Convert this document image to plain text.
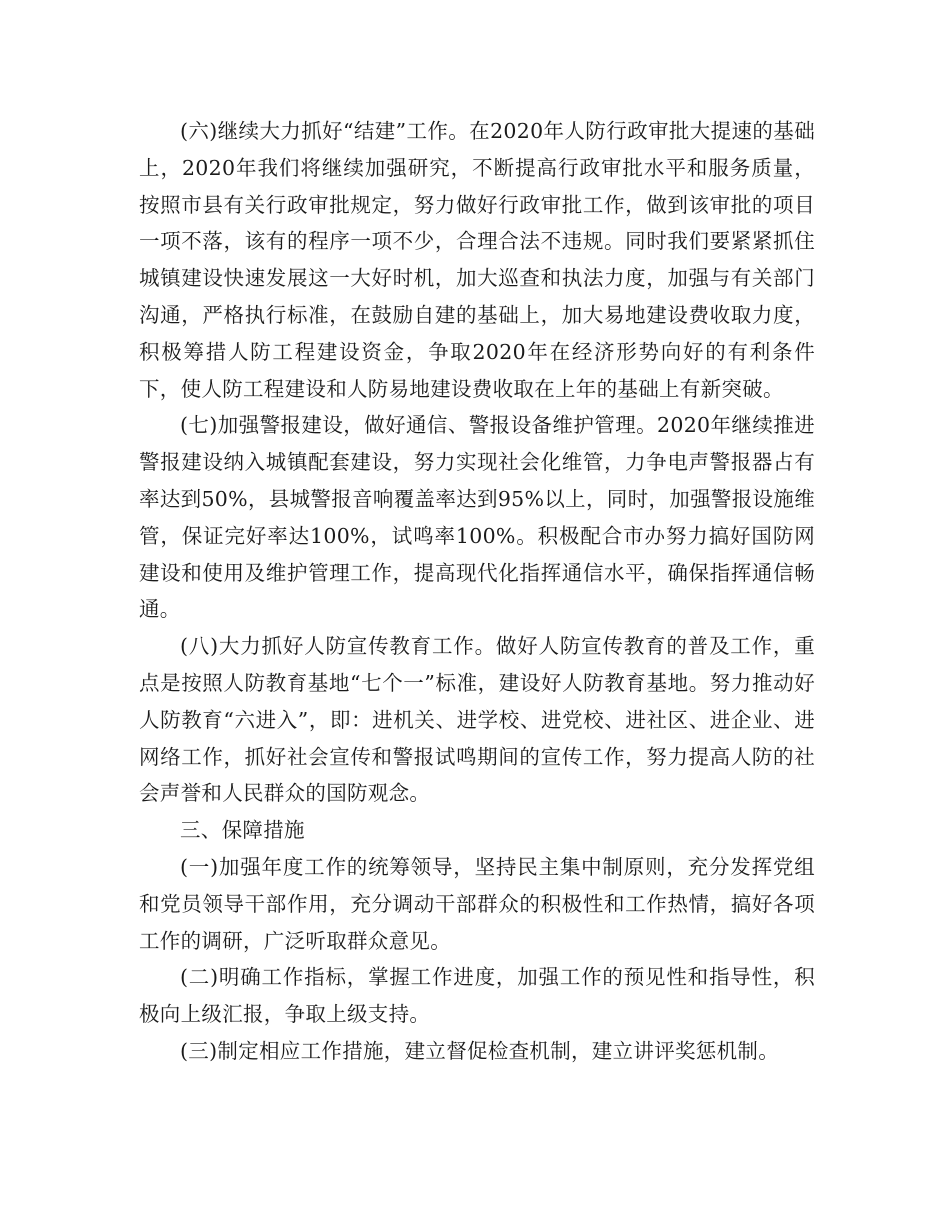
(六)继续大力抓好“结建”工作。在2020年人防行政审批大提速的基础上，2020年我们将继续加强研究，不断提高行政审批水平和服务质量，按照市县有关行政审批规定，努力做好行政审批工作，做到该审批的项目一项不落，该有的程序一项不少，合理合法不违规。同时我们要紧紧抓住城镇建设快速发展这一大好时机，加大巡查和执法力度，加强与有关部门沟通，严格执行标准，在鼓励自建的基础上，加大易地建设费收取力度，积极筹措人防工程建设资金，争取2020年在经济形势向好的有利条件下，使人防工程建设和人防易地建设费收取在上年的基础上有新突破。

(七)加强警报建设，做好通信、警报设备维护管理。2020年继续推进警报建设纳入城镇配套建设，努力实现社会化维管，力争电声警报器占有率达到50%，县城警报音响覆盖率达到95%以上，同时，加强警报设施维管，保证完好率达100%，试鸣率100%。积极配合市办努力搞好国防网建设和使用及维护管理工作，提高现代化指挥通信水平，确保指挥通信畅通。

(八)大力抓好人防宣传教育工作。做好人防宣传教育的普及工作，重点是按照人防教育基地“七个一”标准，建设好人防教育基地。努力推动好人防教育“六进入”，即：进机关、进学校、进党校、进社区、进企业、进网络工作，抓好社会宣传和警报试鸣期间的宣传工作，努力提高人防的社会声誉和人民群众的国防观念。

三、保障措施

(一)加强年度工作的统筹领导，坚持民主集中制原则，充分发挥党组和党员领导干部作用，充分调动干部群众的积极性和工作热情，搞好各项工作的调研，广泛听取群众意见。

(二)明确工作指标，掌握工作进度，加强工作的预见性和指导性，积极向上级汇报，争取上级支持。

(三)制定相应工作措施，建立督促检查机制，建立讲评奖惩机制。
